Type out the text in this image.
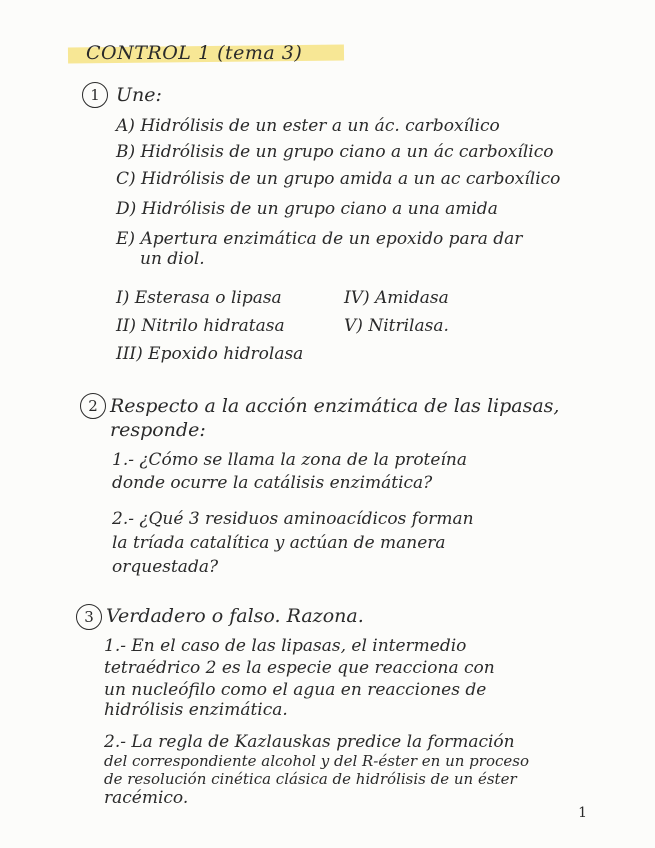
CONTROL 1 (tema 3)
1 Une:
A) Hidrólisis de un ester a un ác. carboxílico
B) Hidrólisis de un grupo ciano a un ác carboxílico
C) Hidrólisis de un grupo amida a un ac carboxílico
D) Hidrólisis de un grupo ciano a una amida
E) Apertura enzimática de un epoxido para dar
un diol.
I) Esterasa o lipasa	IV) Amidasa
II) Nitrilo hidratasa	V) Nitrilasa.
III) Epoxido hidrolasa
2 Respecto a la acción enzimática de las lipasas,
responde:
1.- ¿Cómo se llama la zona de la proteína
donde ocurre la catálisis enzimática?
2.- ¿Qué 3 residuos aminoacídicos forman
la tríada catalítica y actúan de manera
orquestada?
3 Verdadero o falso. Razona.
1.- En el caso de las lipasas, el intermedio
tetraédrico 2 es la especie que reacciona con
un nucleófilo como el agua en reacciones de
hidrólisis enzimática.
2.- La regla de Kazlauskas predice la formación
del correspondiente alcohol y del R-éster en un proceso
de resolución cinética clásica de hidrólisis de un éster
racémico.
1
